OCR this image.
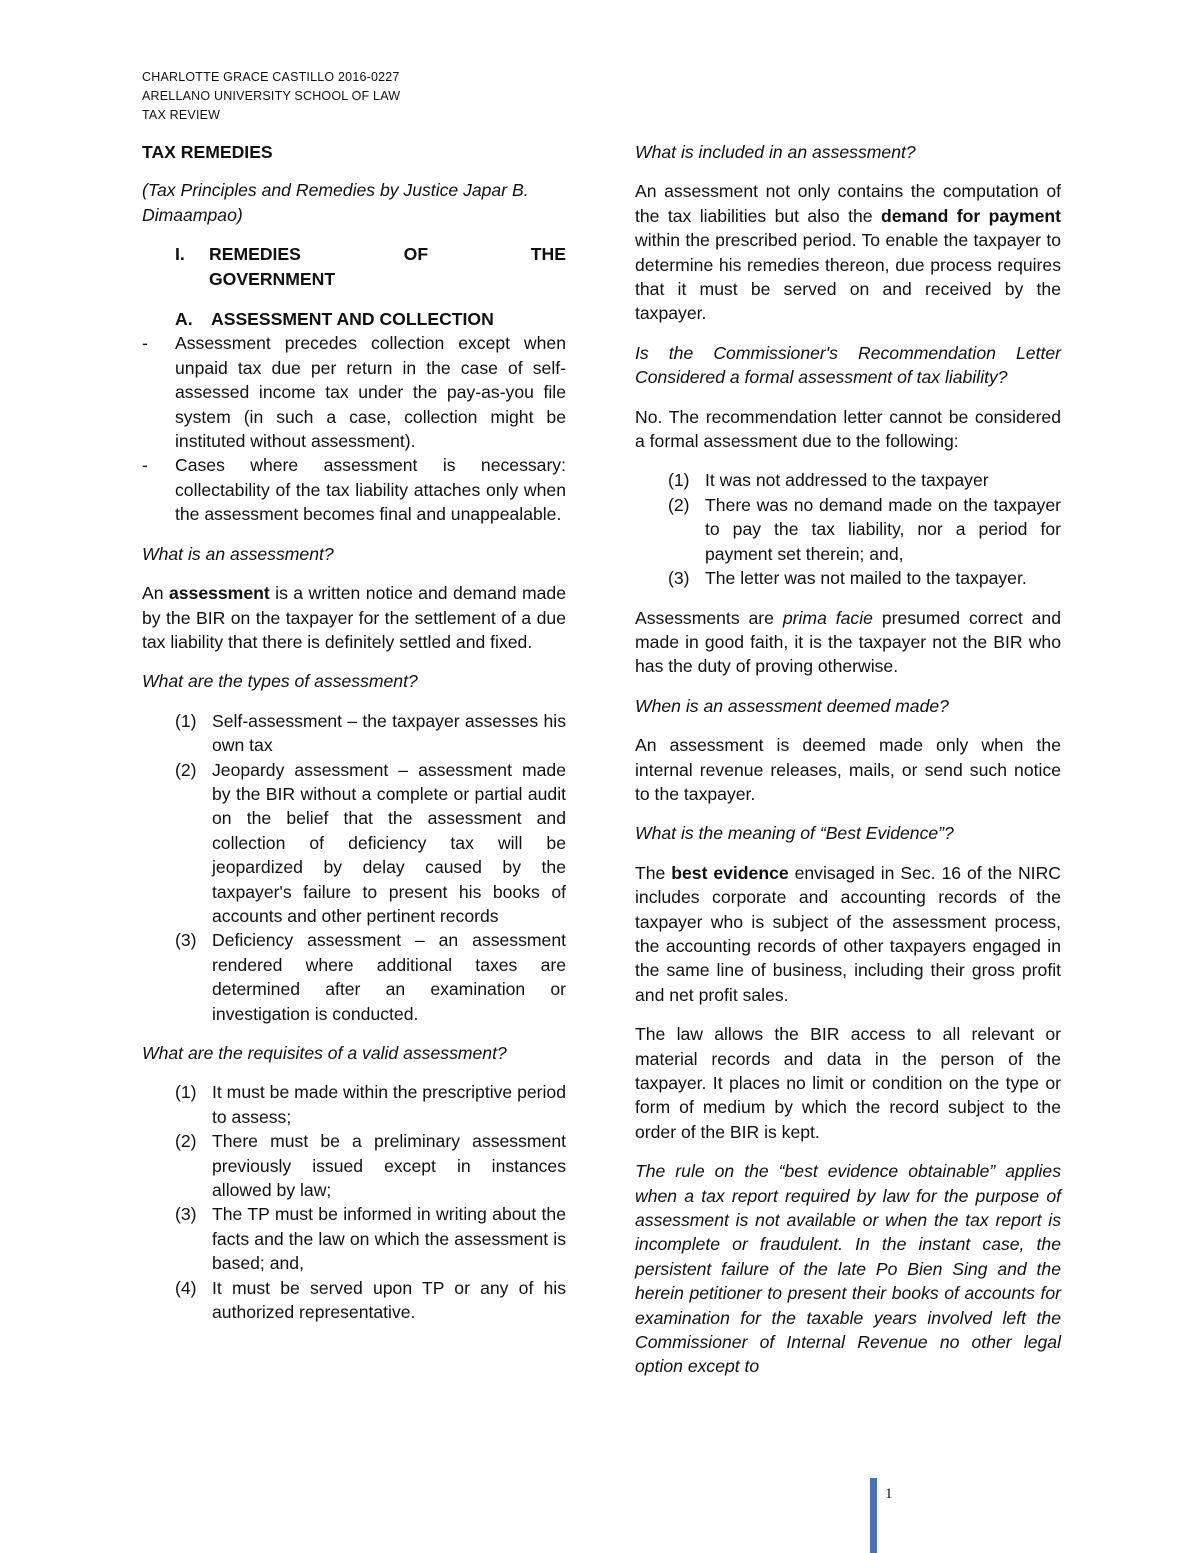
CHARLOTTE GRACE CASTILLO 2016-0227
ARELLANO UNIVERSITY SCHOOL OF LAW
TAX REVIEW
TAX REMEDIES

(Tax Principles and Remedies by Justice Japar B. Dimaampao)

I.	REMEDIES OF THE
GOVERNMENT
A. ASSESSMENT AND COLLECTION
-	Assessment precedes collection except when unpaid tax due per return in the case of self-assessed income tax under the pay-as-you file system (in such a case, collection might be instituted without assessment).
-	Cases where assessment is necessary: collectability of the tax liability attaches only when the assessment becomes final and unappealable.

What is an assessment?

An assessment is a written notice and demand made by the BIR on the taxpayer for the settlement of a due tax liability that there is definitely settled and fixed.

What are the types of assessment?

(1) Self-assessment – the taxpayer assesses his own tax
(2) Jeopardy assessment – assessment made by the BIR without a complete or partial audit on the belief that the assessment and collection of deficiency tax will be jeopardized by delay caused by the taxpayer's failure to present his books of accounts and other pertinent records
(3) Deficiency assessment – an assessment rendered where additional taxes are determined after an examination or investigation is conducted.

What are the requisites of a valid assessment?

(1) It must be made within the prescriptive period to assess;
(2) There must be a preliminary assessment previously issued except in instances allowed by law;
(3) The TP must be informed in writing about the facts and the law on which the assessment is based; and,
(4) It must be served upon TP or any of his authorized representative.

What is included in an assessment?

An assessment not only contains the computation of the tax liabilities but also the demand for payment within the prescribed period. To enable the taxpayer to determine his remedies thereon, due process requires that it must be served on and received by the taxpayer.

Is the Commissioner's Recommendation Letter Considered a formal assessment of tax liability?

No. The recommendation letter cannot be considered a formal assessment due to the following:

(1) It was not addressed to the taxpayer
(2) There was no demand made on the taxpayer to pay the tax liability, nor a period for payment set therein; and,
(3) The letter was not mailed to the taxpayer.

Assessments are prima facie presumed correct and made in good faith, it is the taxpayer not the BIR who has the duty of proving otherwise.

When is an assessment deemed made?

An assessment is deemed made only when the internal revenue releases, mails, or send such notice to the taxpayer.

What is the meaning of “Best Evidence”?

The best evidence envisaged in Sec. 16 of the NIRC includes corporate and accounting records of the taxpayer who is subject of the assessment process, the accounting records of other taxpayers engaged in the same line of business, including their gross profit and net profit sales.

The law allows the BIR access to all relevant or material records and data in the person of the taxpayer. It places no limit or condition on the type or form of medium by which the record subject to the order of the BIR is kept.

The rule on the “best evidence obtainable” applies when a tax report required by law for the purpose of assessment is not available or when the tax report is incomplete or fraudulent. In the instant case, the persistent failure of the late Po Bien Sing and the herein petitioner to present their books of accounts for examination for the taxable years involved left the Commissioner of Internal Revenue no other legal option except to

1
